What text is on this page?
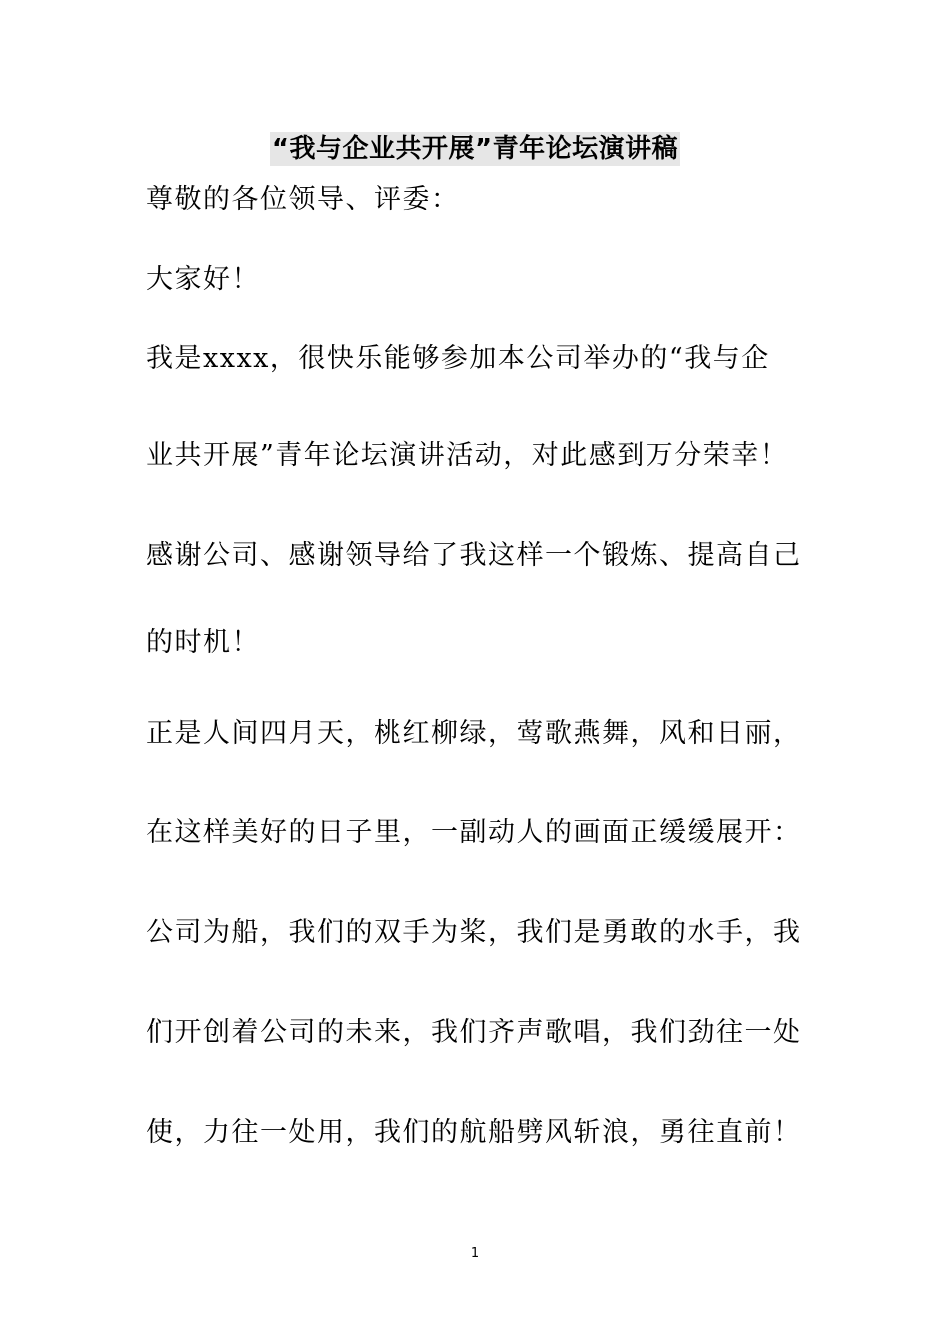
“我与企业共开展”青年论坛演讲稿
尊敬的各位领导、评委：
大家好！
我是xxxx，很快乐能够参加本公司举办的“我与企
业共开展”青年论坛演讲活动，对此感到万分荣幸！
感谢公司、感谢领导给了我这样一个锻炼、提高自己
的时机！
正是人间四月天，桃红柳绿，莺歌燕舞，风和日丽，
在这样美好的日子里，一副动人的画面正缓缓展开：
公司为船，我们的双手为桨，我们是勇敢的水手，我
们开创着公司的未来，我们齐声歌唱，我们劲往一处
使，力往一处用，我们的航船劈风斩浪，勇往直前！
1
